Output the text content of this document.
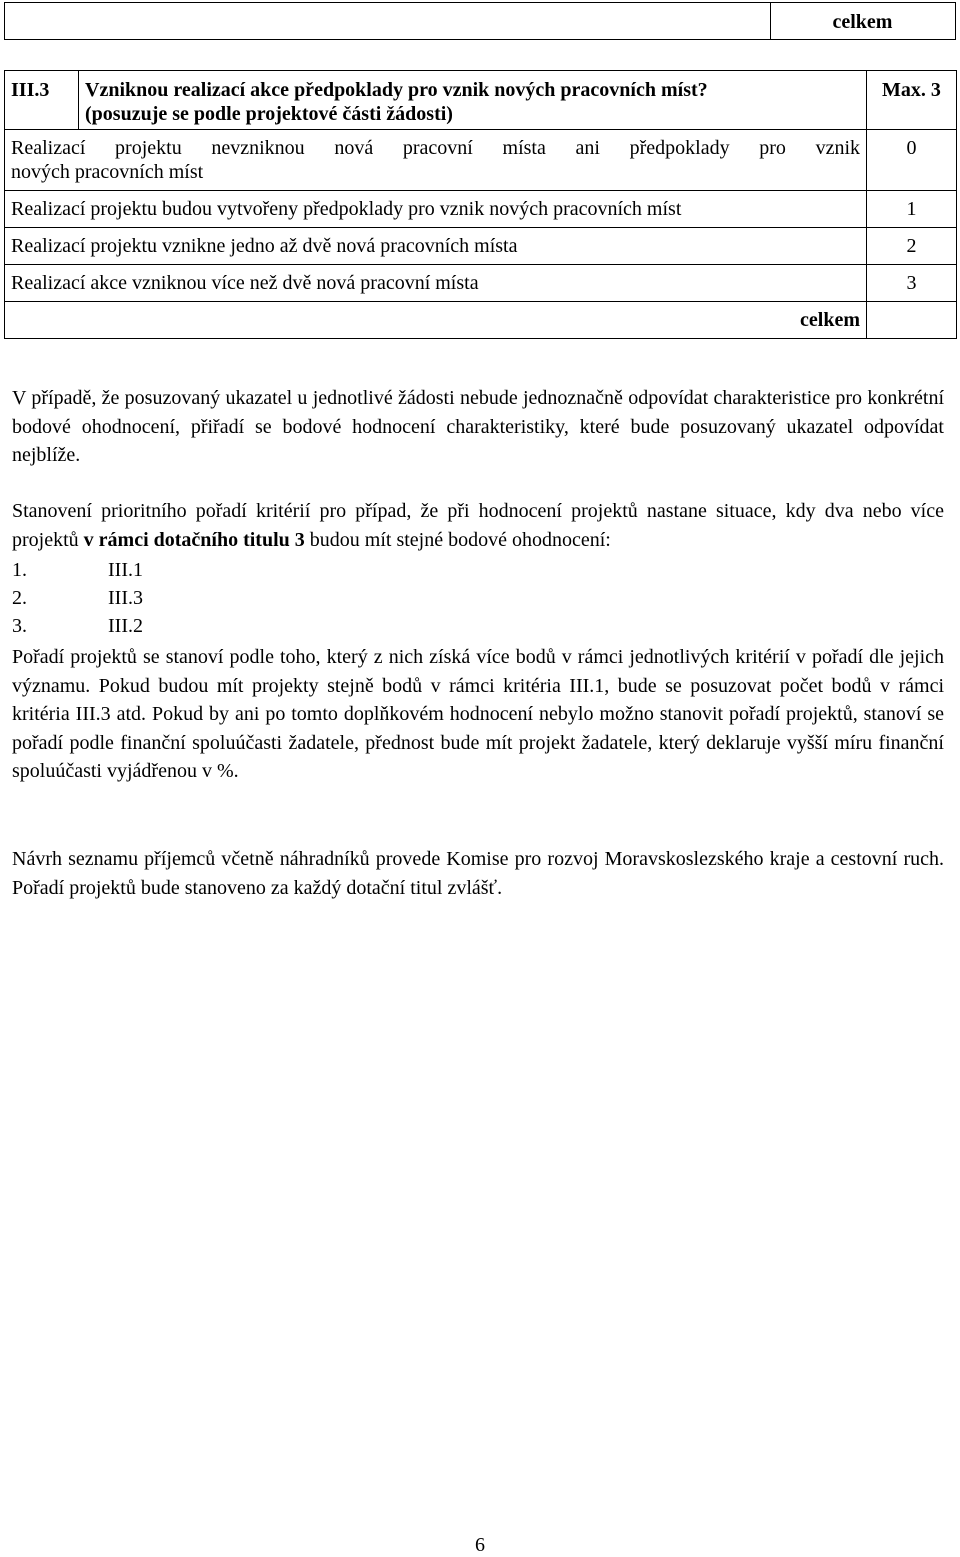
celkem
III.3	Vzniknou realizací akce předpoklady pro vznik nových pracovních míst?
(posuzuje se podle projektové části žádosti)	Max. 3

Realizací projektu nevzniknou nová pracovní místa ani předpoklady pro vznik
nových pracovních míst		0
Realizací projektu budou vytvořeny předpoklady pro vznik nových pracovních míst		1
Realizací projektu vznikne jedno až dvě nová pracovních místa		2
Realizací akce vzniknou více než dvě nová pracovní místa		3
celkem		

V případě, že posuzovaný ukazatel u jednotlivé žádosti nebude jednoznačně odpovídat charakteristice pro konkrétní bodové ohodnocení, přiřadí se bodové hodnocení charakteristiky, které bude posuzovaný ukazatel odpovídat nejblíže.

Stanovení prioritního pořadí kritérií pro případ, že při hodnocení projektů nastane situace, kdy dva nebo více projektů v rámci dotačního titulu 3 budou mít stejné bodové ohodnocení:

1.	III.1
2.	III.3
3.	III.2

Pořadí projektů se stanoví podle toho, který z nich získá více bodů v rámci jednotlivých kritérií v pořadí dle jejich významu. Pokud budou mít projekty stejně bodů v rámci kritéria III.1, bude se posuzovat počet bodů v rámci kritéria III.3 atd. Pokud by ani po tomto doplňkovém hodnocení nebylo možno stanovit pořadí projektů, stanoví se pořadí podle finanční spoluúčasti žadatele, přednost bude mít projekt žadatele, který deklaruje vyšší míru finanční spoluúčasti vyjádřenou v %.

Návrh seznamu příjemců včetně náhradníků provede Komise pro rozvoj Moravskoslezského kraje a cestovní ruch. Pořadí projektů bude stanoveno za každý dotační titul zvlášť.

6
